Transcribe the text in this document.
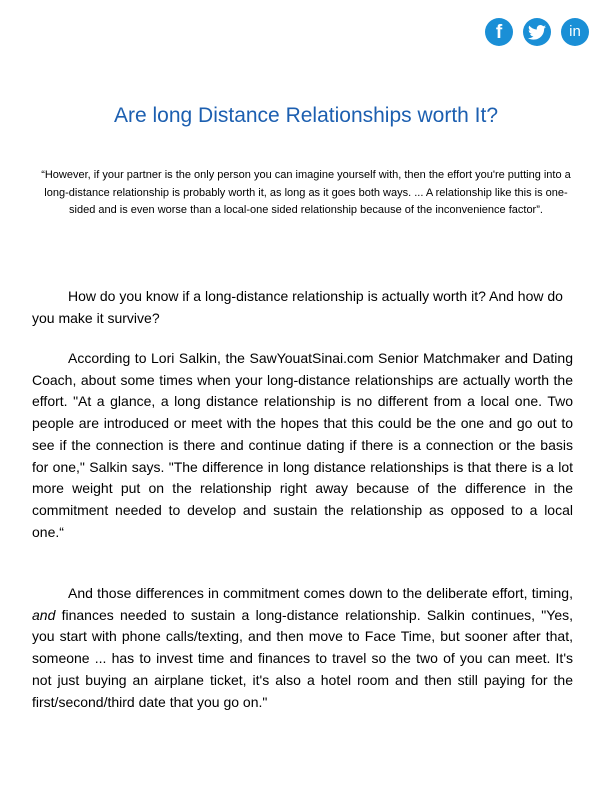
f	in
Are long Distance Relationships worth It?

“However, if your partner is the only person you can imagine yourself with, then the effort you're putting into a long-distance relationship is probably worth it, as long as it goes both ways. ... A relationship like this is one-sided and is even worse than a local-one sided relationship because of the inconvenience factor”.

How do you know if a long-distance relationship is actually worth it? And how do you make it survive?

According to Lori Salkin, the SawYouatSinai.com Senior Matchmaker and Dating Coach, about some times when your long-distance relationships are actually worth the effort. "At a glance, a long distance relationship is no different from a local one. Two people are introduced or meet with the hopes that this could be the one and go out to see if the connection is there and continue dating if there is a connection or the basis for one," Salkin says. "The difference in long distance relationships is that there is a lot more weight put on the relationship right away because of the difference in the commitment needed to develop and sustain the relationship as opposed to a local one.“

And those differences in commitment comes down to the deliberate effort, timing, and finances needed to sustain a long-distance relationship. Salkin continues, "Yes, you start with phone calls/texting, and then move to Face Time, but sooner after that, someone ... has to invest time and finances to travel so the two of you can meet. It's not just buying an airplane ticket, it's also a hotel room and then still paying for the first/second/third date that you go on."
